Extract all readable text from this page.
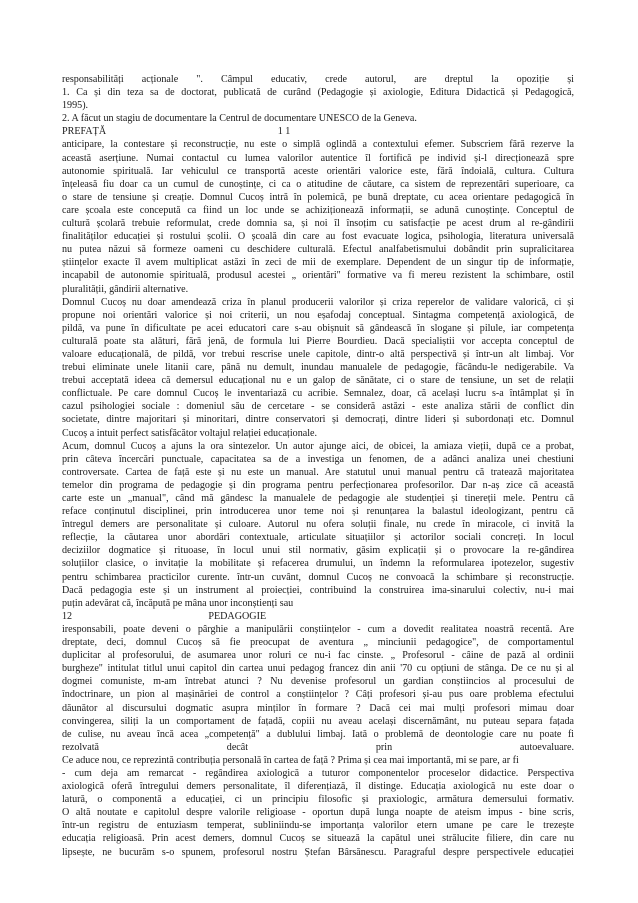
responsabilități acționale ". Câmpul educativ, crede autorul, are dreptul la opoziție și
1. Ca și din teza sa de doctorat, publicată de curând (Pedagogie și axiologie, Editura Didactică și Pedagogică,
1995).
2. A făcut un stagiu de documentare la Centrul de documentare UNESCO de la Geneva.
PREFAȚĂ                                                                    1 1
anticipare, la contestare și reconstrucție, nu este o simplă oglindă a contextului efemer. Subscriem fără rezerve la
această aserțiune. Numai contactul cu lumea valorilor autentice îl fortifică pe individ și-l direcționează spre
autonomie spirituală. Iar vehiculul ce transportă aceste orientări valorice este, fără îndoială, cultura. Cultura
înțeleasă fiu doar ca un cumul de cunoștințe, ci ca o atitudine de căutare, ca sistem de reprezentări superioare, ca
o stare de tensiune și creație. Domnul Cucoș intră în polemică, pe bună dreptate, cu acea orientare pedagogică în
care școala este concepută ca fiind un loc unde se achiziționează informații, se adună cunoștințe. Conceptul de
cultură școlară trebuie reformulat, crede domnia sa, și noi îl însoțim cu satisfacție pe acest drum al re-gândirii
finalităților educației și rostului școlii. O școală din care au fost evacuate logica, psihologia, literatura universală
nu putea năzui să formeze oameni cu deschidere culturală. Efectul analfabetismului dobândit prin supralicitarea
științelor exacte îl avem multiplicat astăzi în zeci de mii de exemplare. Dependent de un singur tip de informație,
incapabil de autonomie spirituală, produsul acestei „ orientări" formative va fi mereu rezistent la schimbare, ostil
pluralității, gândirii alternative.
Domnul Cucoș nu doar amendează criza în planul producerii valorilor și criza reperelor de validare valorică, ci și
propune noi orientări valorice și noi criterii, un nou eșafodaj conceptual. Sintagma competență axiologică, de
pildă, va pune în dificultate pe acei educatori care s-au obișnuit să gândească în slogane și pilule, iar competența
culturală poate sta alături, fără jenă, de formula lui Pierre Bourdieu. Dacă specialiștii vor accepta conceptul de
valoare educațională, de pildă, vor trebui rescrise unele capitole, dintr-o altă perspectivă și într-un alt limbaj. Vor
trebui eliminate unele litanii care, până nu demult, inundau manualele de pedagogie, făcându-le nedigerabile. Va
trebui acceptată ideea că demersul educațional nu e un galop de sănătate, ci o stare de tensiune, un set de relații
conflictuale. Pe care domnul Cucoș le inventariază cu acribie. Semnalez, doar, că același lucru s-a întâmplat și în
cazul psihologiei sociale : domeniul său de cercetare - se consideră astăzi - este analiza stării de conflict din
societate, dintre majoritari și minoritari, dintre conservatori și democrați, dintre lideri și subordonați etc. Domnul
Cucoș a intuit perfect satisfăcător voltajul relației educaționale.
Acum, domnul Cucoș a ajuns la ora sintezelor. Un autor ajunge aici, de obicei, la amiaza vieții, după ce a probat,
prin câteva încercări punctuale, capacitatea sa de a investiga un fenomen, de a adânci analiza unei chestiuni
controversate. Cartea de față este și nu este un manual. Are statutul unui manual pentru că tratează majoritatea
temelor din programa de pedagogie și din programa pentru perfecționarea profesorilor. Dar n-aș zice că această
carte este un „manual", când mă gândesc la manualele de pedagogie ale studenției și tinereții mele. Pentru că
reface conținutul disciplinei, prin introducerea unor teme noi și renunțarea la balastul ideologizant, pentru că
întregul demers are personalitate și culoare. Autorul nu ofera soluții finale, nu crede în miracole, ci invită la
reflecție, la căutarea unor abordări contextuale, articulate situațiilor și actorilor sociali concreți. In locul
deciziilor dogmatice și rituoase, în locul unui stil normativ, găsim explicații și o provocare la re-gândirea
soluțiilor clasice, o invitație la mobilitate și refacerea drumului, un îndemn la reformularea ipotezelor, sugestiv
pentru schimbarea practicilor curente. într-un cuvânt, domnul Cucoș ne convoacă la schimbare și reconstrucție.
Dacă pedagogia este și un instrument al proiecției, contribuind la construirea ima-sinarului colectiv, nu-i mai
puțin adevărat că, încăpută pe mâna unor inconștienți sau
12                                                      PEDAGOGIE
iresponsabili, poate deveni o pârghie a manipulării conștiințelor - cum a dovedit realitatea noastră recentă. Are
dreptate, deci, domnul Cucoș să fie preocupat de aventura „ minciunii pedagogice", de comportamentul
duplicitar al profesorului, de asumarea unor roluri ce nu-i fac cinste. „ Profesorul - câine de pază al ordinii
burgheze" intitulat titlul unui capitol din cartea unui pedagog francez din anii '70 cu opțiuni de stânga. De ce nu și al
dogmei comuniste, m-am întrebat atunci ? Nu devenise profesorul un gardian conștiincios al procesului de
îndoctrinare, un pion al mașinăriei de control a conștiințelor ? Câți profesori și-au pus oare problema efectului
dăunător al discursului dogmatic asupra minților în formare ? Dacă cei mai mulți profesori mimau doar
convingerea, siliți la un comportament de fațadă, copiii nu aveau același discernământ, nu puteau separa fațada
de culise, nu aveau încă acea „competență" a dublului limbaj. Iată o problemă de deontologie care nu poate fi
rezolvată decât prin autoevaluare.
Ce aduce nou, ce reprezintă contribuția personală în cartea de față ? Prima și cea mai importantă, mi se pare, ar fi
- cum deja am remarcat - regândirea axiologică a tuturor componentelor proceselor didactice. Perspectiva
axiologică oferă întregului demers personalitate, îl diferențiază, îl distinge. Educația axiologică nu este doar o
latură, o componentă a educației, ci un principiu filosofic și praxiologic, armătura demersului formativ.
O altă noutate e capitolul despre valorile religioase - oportun după lunga noapte de ateism impus - bine scris,
într-un registru de entuziasm temperat, subliniindu-se importanța valorilor etern umane pe care le trezește
educația religioasă. Prin acest demers, domnul Cucoș se situează la capătul unei strălucite filiere, din care nu
lipsește, ne bucurăm s-o spunem, profesorul nostru Ștefan Bârsănescu. Paragraful despre perspectivele educației
